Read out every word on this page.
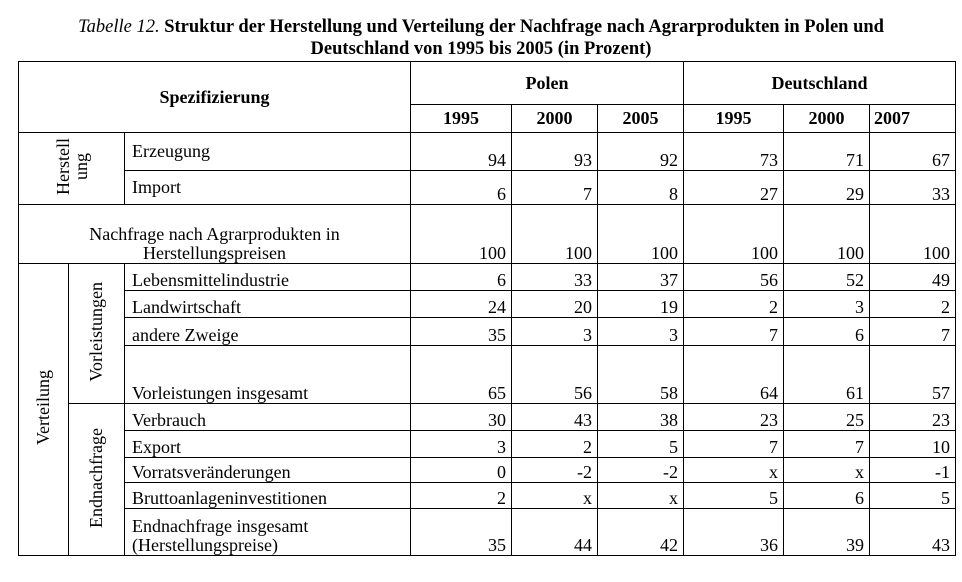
Tabelle 12. Struktur der Herstellung und Verteilung der Nachfrage nach Agrarprodukten in Polen und
Deutschland von 1995 bis 2005 (in Prozent)
Spezifizierung			Polen			Deutschland		
			1995	2000	2005	1995	2000	2007
Herstell
ung		Erzeugung	94	93	92	73	71	67
		Import	6	7	8	27	29	33

Nachfrage nach Agrarprodukten in
Herstellungspreisen			100	100	100	100	100	100
Verteilung	Vorleistungen	Lebensmittelindustrie	6	33	37	56	52	49
		Landwirtschaft	24	20	19	2	3	2
		andere Zweige	35	3	3	7	6	7
		Vorleistungen insgesamt	65	56	58	64	61	57
	Endnachfrage	Verbrauch	30	43	38	23	25	23
		Export	3	2	5	7	7	10
		Vorratsveränderungen	0	-2	-2	x	x	-1
		Bruttoanlageninvestitionen	2	x	x	5	6	5

		Endnachfrage insgesamt
(Herstellungspreise)	35	44	42	36	39	43
